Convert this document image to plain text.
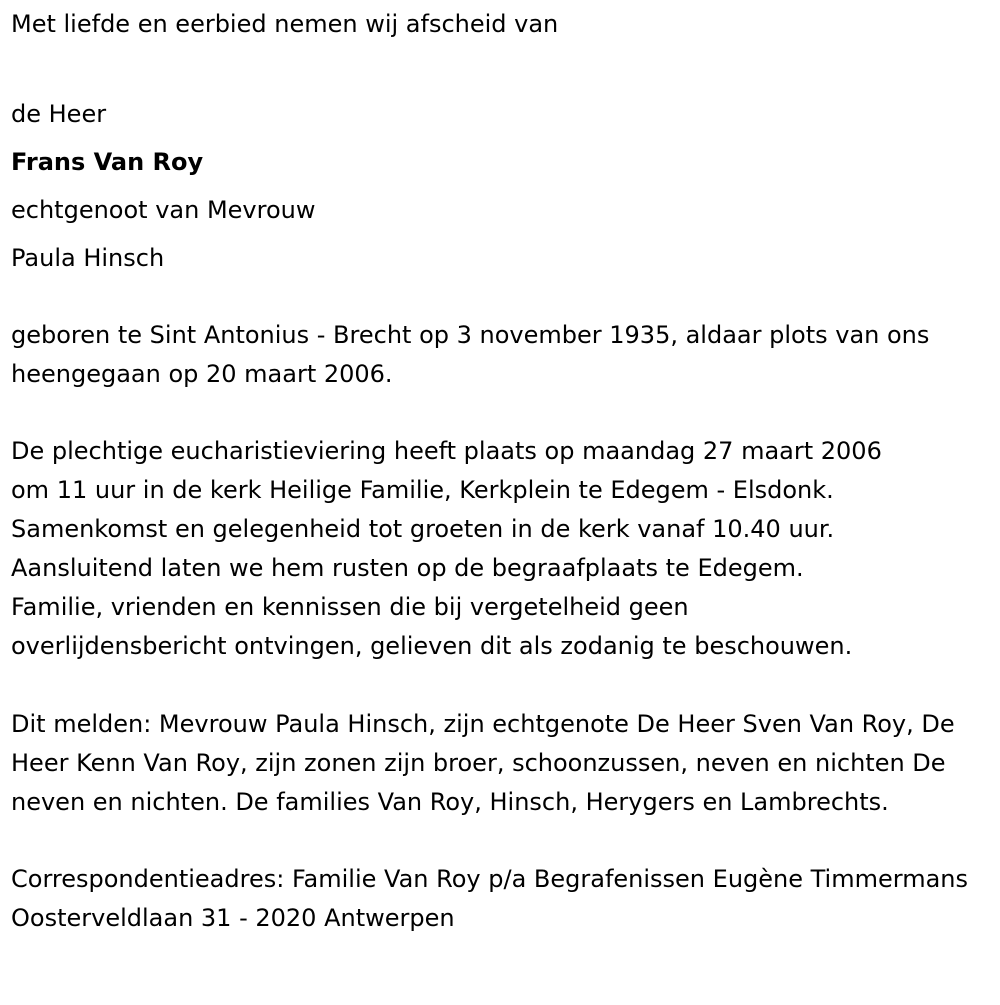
Met liefde en eerbied nemen wij afscheid van

de Heer

Frans Van Roy

echtgenoot van Mevrouw

Paula Hinsch

geboren te Sint Antonius - Brecht op 3 november 1935, aldaar plots van ons heengegaan op 20 maart 2006.

De plechtige eucharistieviering heeft plaats op maandag 27 maart 2006

om 11 uur in de kerk Heilige Familie, Kerkplein te Edegem - Elsdonk.

Samenkomst en gelegenheid tot groeten in de kerk vanaf 10.40 uur.

Aansluitend laten we hem rusten op de begraafplaats te Edegem.

Familie, vrienden en kennissen die bij vergetelheid geen

overlijdensbericht ontvingen, gelieven dit als zodanig te beschouwen.

Dit melden: Mevrouw Paula Hinsch, zijn echtgenote De Heer Sven Van Roy, De Heer Kenn Van Roy, zijn zonen zijn broer, schoonzussen, neven en nichten De neven en nichten. De families Van Roy, Hinsch, Herygers en Lambrechts.

Correspondentieadres: Familie Van Roy p/a Begrafenissen Eugène Timmermans Oosterveldlaan 31 - 2020 Antwerpen
